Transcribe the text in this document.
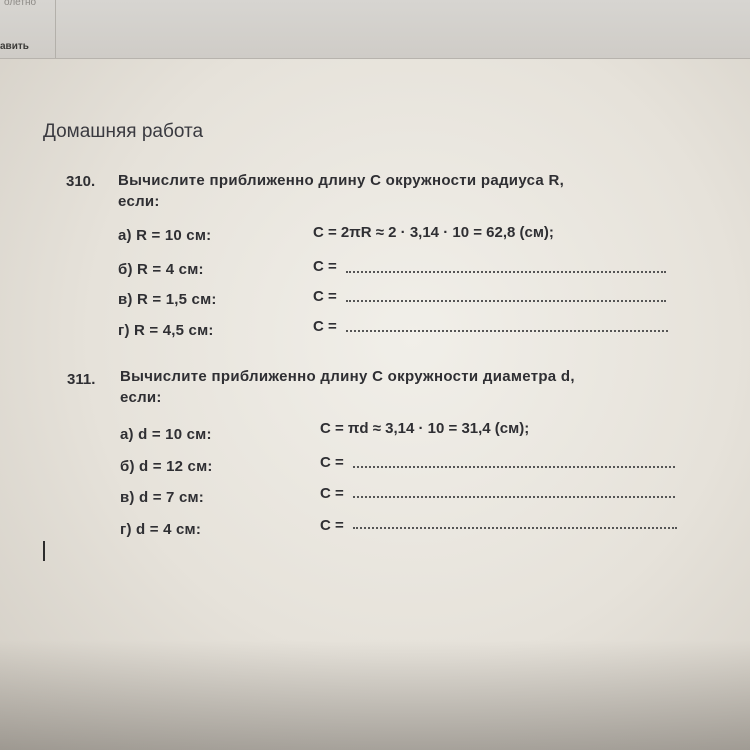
олетно
авить
Домашняя работа
310. Вычислите приближенно длину C окружности радиуса R,
если:
а) R = 10 см:	C = 2πR ≈ 2 · 3,14 · 10 = 62,8 (см);
б) R = 4 см:	C =
в) R = 1,5 см:	C =
г) R = 4,5 см:	C =
311. Вычислите приближенно длину C окружности диаметра d,
если:
а) d = 10 см:	C = πd ≈ 3,14 · 10 = 31,4 (см);
б) d = 12 см:	C =
в) d = 7 см:	C =
г) d = 4 см:	C =
